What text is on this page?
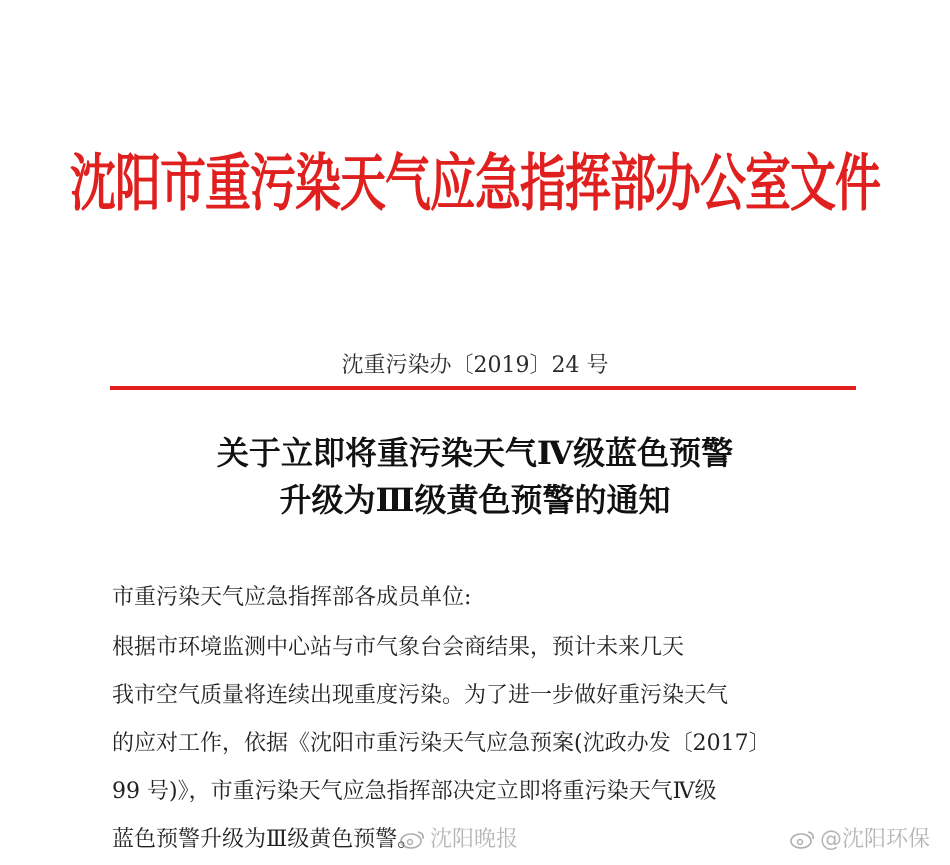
沈阳市重污染天气应急指挥部办公室文件
沈重污染办〔2019〕24 号
关于立即将重污染天气Ⅳ级蓝色预警
升级为Ⅲ级黄色预警的通知
市重污染天气应急指挥部各成员单位:
根据市环境监测中心站与市气象台会商结果，预计未来几天
我市空气质量将连续出现重度污染。为了进一步做好重污染天气
的应对工作，依据《沈阳市重污染天气应急预案(沈政办发〔2017〕
99 号)》，市重污染天气应急指挥部决定立即将重污染天气Ⅳ级
蓝色预警升级为Ⅲ级黄色预警。 沈阳晚报	@沈阳环保
